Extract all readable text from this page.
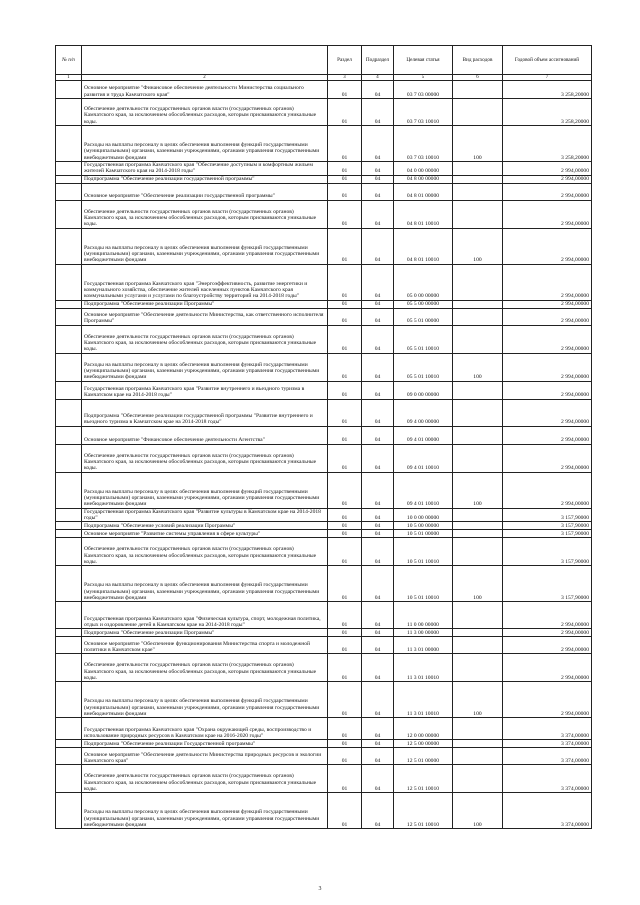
№ п/п		Раздел	Подраздел	Целевая статья	Вид расходов	Годовой объем ассигнований
1	2	3	4	5	6	7
	Основное мероприятие "Финансовое обеспечение деятельности Министерства социального развития и труда Камчатского края"	01	04	03 7 03 00000		3 258,20000
	Обеспечение деятельности государственных органов власти (государственных органов) Камчатского края, за исключением обособленных расходов, которым присваиваются уникальные коды.	01	04	03 7 03 10010		3 258,20000
	Расходы на выплаты персоналу в целях обеспечения выполнения функций государственными (муниципальными) органами, казенными учреждениями, органами управления государственными внебюджетными фондами	01	04	03 7 03 10010	100	3 258,20000
	Государственная программа Камчатского края "Обеспечение доступным и комфортным жильем жителей Камчатского края на 2014-2018 годы"	01	04	04 0 00 00000		2 994,00000
	Подпрограмма "Обеспечение реализации государственной программы"	01	04	04 8 00 00000		2 994,00000
	Основное мероприятие "Обеспечение реализации государственной программы"	01	04	04 8 01 00000		2 994,00000
	Обеспечение деятельности государственных органов власти (государственных органов) Камчатского края, за исключением обособленных расходов, которым присваиваются уникальные коды.	01	04	04 8 01 10010		2 994,00000
	Расходы на выплаты персоналу в целях обеспечения выполнения функций государственными (муниципальными) органами, казенными учреждениями, органами управления государственными внебюджетными фондами	01	04	04 8 01 10010	100	2 994,00000
	Государственная программа Камчатского края "Энергоэффективность, развитие энергетики и коммунального хозяйства, обеспечение жителей населенных пунктов Камчатского края коммунальными услугами и услугами по благоустройству территорий на 2014-2018 годы"	01	04	05 0 00 00000		2 994,00000
	Подпрограмма "Обеспечение реализации Программы"	01	04	05 5 00 00000		2 994,00000
	Основное мероприятие "Обеспечение деятельности Министерства, как ответственного исполнителя Программы"	01	04	05 5 01 00000		2 994,00000
	Обеспечение деятельности государственных органов власти (государственных органов) Камчатского края, за исключением обособленных расходов, которым присваиваются уникальные коды.	01	04	05 5 01 10010		2 994,00000
	Расходы на выплаты персоналу в целях обеспечения выполнения функций государственными (муниципальными) органами, казенными учреждениями, органами управления государственными внебюджетными фондами	01	04	05 5 01 10010	100	2 994,00000
	Государственная программа Камчатского края "Развитие внутреннего и въездного туризма в Камчатском крае на 2014-2018 годы"	01	04	09 0 00 00000		2 994,00000
	Подпрограмма "Обеспечение реализации государственной программы "Развитие внутреннего и въездного туризма в Камчатском крае на 2014-2018 годы"	01	04	09 4 00 00000		2 994,00000
	Основное мероприятие "Финансовое обеспечение деятельности Агентства"	01	04	09 4 01 00000		2 994,00000
	Обеспечение деятельности государственных органов власти (государственных органов) Камчатского края, за исключением обособленных расходов, которым присваиваются уникальные коды.	01	04	09 4 01 10010		2 994,00000
	Расходы на выплаты персоналу в целях обеспечения выполнения функций государственными (муниципальными) органами, казенными учреждениями, органами управления государственными внебюджетными фондами	01	04	09 4 01 10010	100	2 994,00000
	Государственная программа Камчатского края "Развитие культуры в Камчатском крае на 2014-2018 годы"	01	04	10 0 00 00000		3 157,90000
	Подпрограмма "Обеспечение условий реализации Программы"	01	04	10 5 00 00000		3 157,90000
	Основное мероприятие "Развитие системы управления в сфере культуры"	01	04	10 5 01 00000		3 157,90000
	Обеспечение деятельности государственных органов власти (государственных органов) Камчатского края, за исключением обособленных расходов, которым присваиваются уникальные коды.	01	04	10 5 01 10010		3 157,90000
	Расходы на выплаты персоналу в целях обеспечения выполнения функций государственными (муниципальными) органами, казенными учреждениями, органами управления государственными внебюджетными фондами	01	04	10 5 01 10010	100	3 157,90000
	Государственная программа Камчатского края "Физическая культура, спорт, молодежная политика, отдых и оздоровление детей в Камчатском крае на 2014-2018 годы"	01	04	11 0 00 00000		2 994,00000
	Подпрограмма "Обеспечение реализации Программы"	01	04	11 3 00 00000		2 994,00000
	Основное мероприятие "Обеспечение функционирования Министерства спорта и молодежной политики в Камчатском крае"	01	04	11 3 01 00000		2 994,00000
	Обеспечение деятельности государственных органов власти (государственных органов) Камчатского края, за исключением обособленных расходов, которым присваиваются уникальные коды.	01	04	11 3 01 10010		2 994,00000
	Расходы на выплаты персоналу в целях обеспечения выполнения функций государственными (муниципальными) органами, казенными учреждениями, органами управления государственными внебюджетными фондами	01	04	11 3 01 10010	100	2 994,00000
	Государственная программа Камчатского края "Охрана окружающей среды, воспроизводство и использование природных ресурсов в Камчатском крае на 2016-2020 годы"	01	04	12 0 00 00000		3 374,00000
	Подпрограмма "Обеспечение реализации Государственной программы"	01	04	12 5 00 00000		3 374,00000
	Основное мероприятие "Обеспечение деятельности Министерства природных ресурсов и экологии Камчатского края"	01	04	12 5 01 00000		3 374,00000
	Обеспечение деятельности государственных органов власти (государственных органов) Камчатского края, за исключением обособленных расходов, которым присваиваются уникальные коды.	01	04	12 5 01 10010		3 374,00000
	Расходы на выплаты персоналу в целях обеспечения выполнения функций государственными (муниципальными) органами, казенными учреждениями, органами управления государственными внебюджетными фондами	01	04	12 5 01 10010	100	3 374,00000
3
